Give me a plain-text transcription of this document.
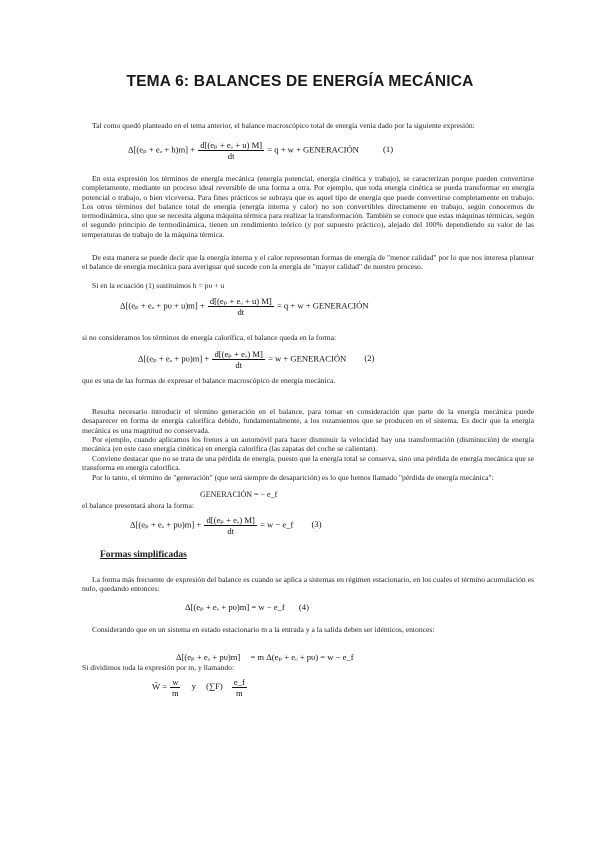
TEMA 6: BALANCES DE ENERGÍA MECÁNICA
Tal como quedó planteado en el tema anterior, el balance macroscópico total de energía venía dado por la siguiente expresión:
$\Delta[(e_p + e_o + h)m] + \frac{\text{d[(eₚ + eₒ + u) M]}}{dt} = q + w$ + GENERACIÓN	(1)
En esta expresión los términos de energía mecánica (energía potencial, energía cinética y trabajo), se caracterizan porque pueden convertirse completamente, mediante un proceso ideal reversible de una forma a otra. Por ejemplo, que toda energía cinética se pueda transformar en energía potencial o trabajo, o bien viceversa. Para fines prácticos se subraya que es aquel tipo de energía que puede convertirse completamente en trabajo. Los otros términos del balance total de energía (energía interna y calor) no son convertibles directamente en trabajo, según conocemos de termodinámica, sino que se necesita alguna máquina térmica para realizar la transformación. También se conoce que estas máquinas térmicas, según el segundo principio de termodinámica, tienen un rendimiento teórico (y por supuesto práctico), alejado del 100% dependiendo su valor de las temperaturas de trabajo de la máquina térmica.
De esta manera se puede decir que la energía interna y el calor representan formas de energía de "menor calidad" por lo que nos interesa plantear el balance de energía mecánica para averiguar qué sucede con la energía de "mayor calidad" de nuestro proceso.
Si en la ecuación (1) sustituimos h = pυ + u
$\Delta[(e_p + e_o + p\upsilon + u)m] + \frac{\text{d[(eₚ + eₒ + u) M]}}{dt} = q + w$ + GENERACIÓN
si no consideramos los términos de energía calorífica, el balance queda en la forma:
$\Delta[(e_p + e_o + p\upsilon)m] + \frac{\text{d[(eₚ + eₒ) M]}}{dt} = w$ + GENERACIÓN (2)
que es una de las formas de expresar el balance macroscópico de energía mecánica.
Resulta necesario introducir el término generación en el balance, para tomar en consideración que parte de la energía mecánica puede desaparecer en forma de energía calorífica debido, fundamentalmente, a los rozamientos que se producen en el sistema. Es decir que la energía mecánica es una magnitud no conservada.
Por ejemplo, cuando aplicamos los frenos a un automóvil para hacer disminuir la velocidad hay una transformación (disminución) de energía mecánica (en este caso energía cinética) en energía calorífica (las zapatas del coche se calientan).
Conviene destacar que no se trata de una pérdida de energía, puesto que la energía total se conserva, sino una pérdida de energía mecánica que se transforma en energía calorífica.
Por lo tanto, el término de "generación" (que será siempre de desaparición) es lo que hemos llamado "pérdida de energía mecánica":
GENERACIÓN = − e_f
el balance presentará ahora la forma:
$\Delta[(e_p + e_o + p\upsilon)m] + \frac{\text{d[(eₚ + eₒ) M]}}{dt} = w$ − e_f (3)
Formas simplificadas
La forma más frecuente de expresión del balance es cuando se aplica a sistemas en régimen estacionario, en los cuales el término acumulación es nulo, quedando entonces:
Δ[(eₚ + eₒ + pυ)m] = w − e_f (4)
Considerando que en un sistema en estado estacionario m a la entrada y a la salida deben ser idénticos, entonces:
Δ[(eₚ + eₒ + pυ)m] = m Δ(eₚ + eₒ + pυ) = w − e_f
Si dividimos toda la expresión por m, y llamando:
Ŵ = $\frac{w}{m}$ y $(\sum F) \frac{e\_f}{m}$
